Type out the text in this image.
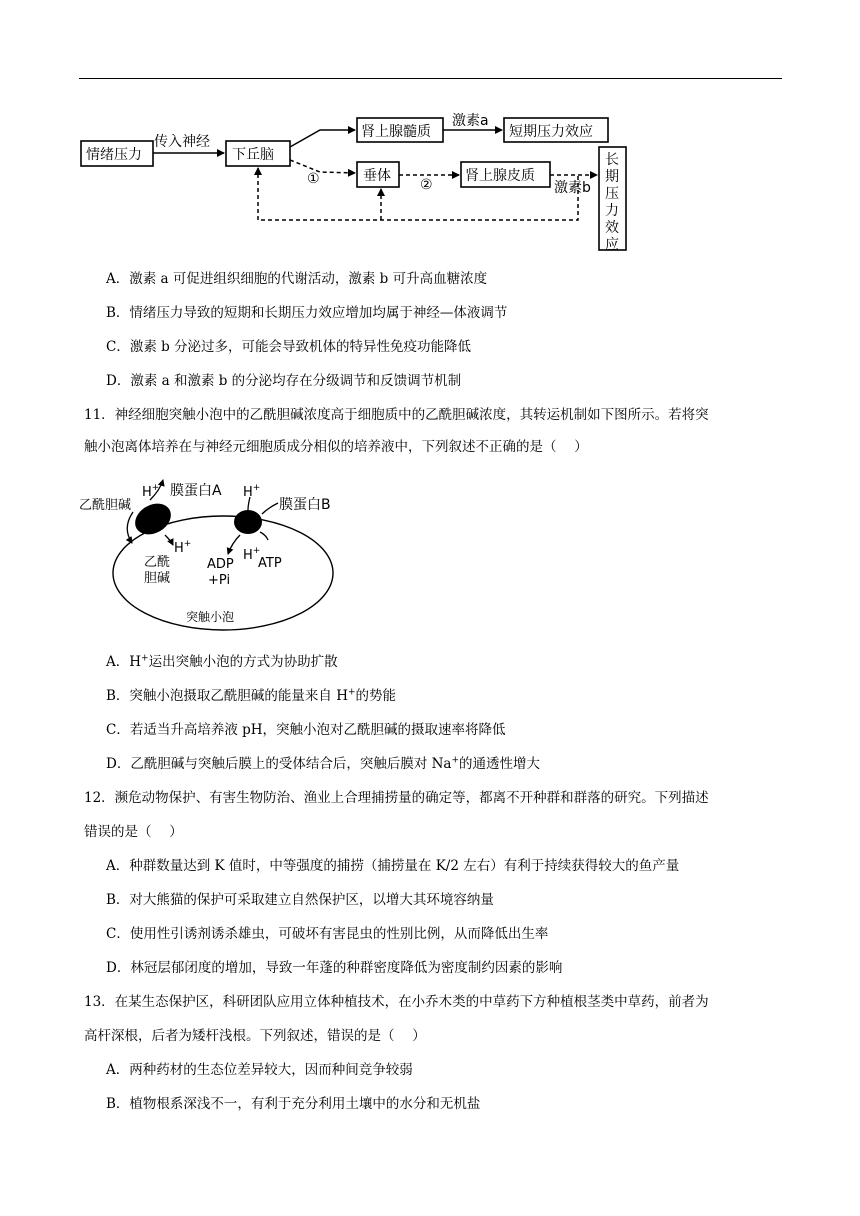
情绪压力
传入神经
下丘脑
肾上腺髓质
激素a
短期压力效应
垂体	肾上腺皮质
激素b
①	②
长
期
压
力
效
应
A．激素 a 可促进组织细胞的代谢活动，激素 b 可升高血糖浓度
B．情绪压力导致的短期和长期压力效应增加均属于神经—体液调节
C．激素 b 分泌过多，可能会导致机体的特异性免疫功能降低
D．激素 a 和激素 b 的分泌均存在分级调节和反馈调节机制
11．神经细胞突触小泡中的乙酰胆碱浓度高于细胞质中的乙酰胆碱浓度，其转运机制如下图所示。若将突
触小泡离体培养在与神经元细胞质成分相似的培养液中，下列叙述不正确的是（　 ）
乙酰胆碱
H+ 膜蛋白A H+
膜蛋白B
H+
乙酰
胆碱
ADP
+Pi
H+
ATP
突触小泡
A．H+运出突触小泡的方式为协助扩散
B．突触小泡摄取乙酰胆碱的能量来自 H+的势能
C．若适当升高培养液 pH，突触小泡对乙酰胆碱的摄取速率将降低
D．乙酰胆碱与突触后膜上的受体结合后，突触后膜对 Na+的通透性增大
12．濒危动物保护、有害生物防治、渔业上合理捕捞量的确定等，都离不开种群和群落的研究。下列描述
错误的是（　 ）
A．种群数量达到 K 值时，中等强度的捕捞（捕捞量在 K/2 左右）有利于持续获得较大的鱼产量
B．对大熊猫的保护可采取建立自然保护区，以增大其环境容纳量
C．使用性引诱剂诱杀雄虫，可破坏有害昆虫的性别比例，从而降低出生率
D．林冠层郁闭度的增加，导致一年蓬的种群密度降低为密度制约因素的影响
13．在某生态保护区，科研团队应用立体种植技术，在小乔木类的中草药下方种植根茎类中草药，前者为
高杆深根，后者为矮杆浅根。下列叙述，错误的是（　 ）
A．两种药材的生态位差异较大，因而种间竞争较弱
B．植物根系深浅不一，有利于充分利用土壤中的水分和无机盐
